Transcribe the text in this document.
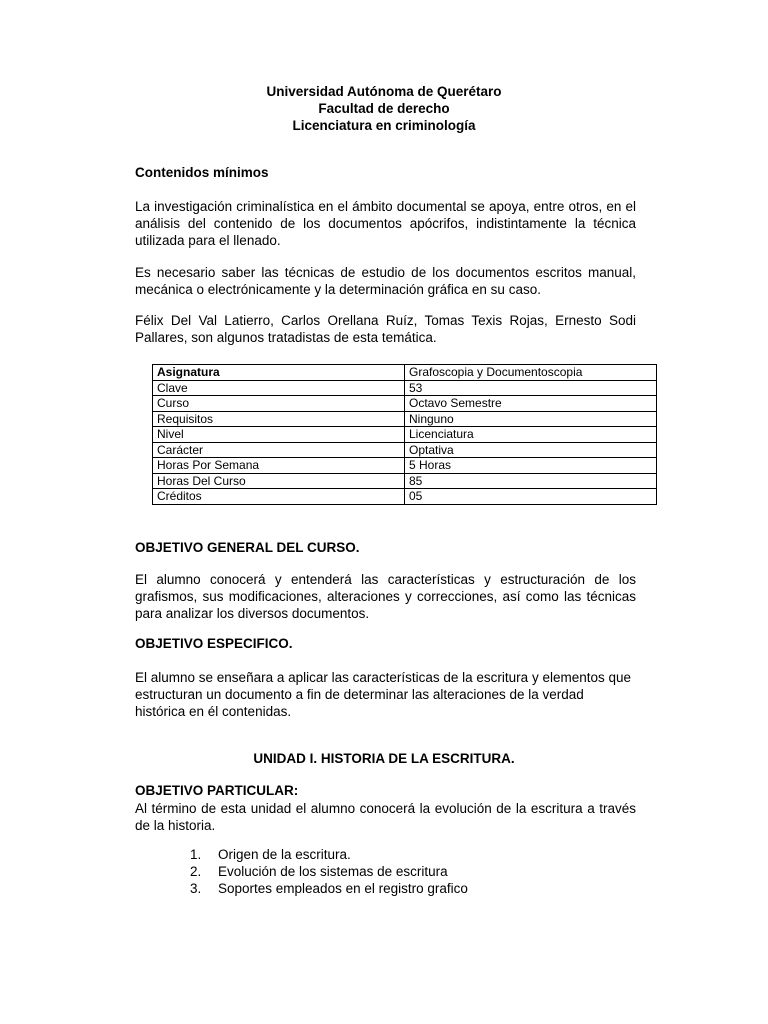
Universidad Autónoma de Querétaro
Facultad de derecho
Licenciatura en criminología
Contenidos mínimos
La investigación criminalística en el ámbito documental se apoya, entre otros, en el análisis del contenido de los documentos apócrifos, indistintamente la técnica utilizada para el llenado.
Es necesario saber las técnicas de estudio de los documentos escritos manual, mecánica o electrónicamente y la determinación gráfica en su caso.
Félix Del Val Latierro, Carlos Orellana Ruíz, Tomas Texis Rojas, Ernesto Sodi Pallares, son algunos tratadistas de esta temática.
Asignatura	Grafoscopia y Documentoscopia
Clave	53
Curso	Octavo Semestre
Requisitos	Ninguno
Nivel	Licenciatura
Carácter	Optativa
Horas Por Semana	5 Horas
Horas Del Curso	85
Créditos	05
OBJETIVO GENERAL DEL CURSO.
El alumno conocerá y entenderá las características y estructuración de los grafismos, sus modificaciones, alteraciones y correcciones, así como las técnicas para analizar los diversos documentos.
OBJETIVO ESPECIFICO.
El alumno se enseñara a aplicar las características de la escritura y elementos que estructuran un documento a fin de determinar las alteraciones de la verdad histórica en él contenidas.
UNIDAD I. HISTORIA DE LA ESCRITURA.
OBJETIVO PARTICULAR:
Al término de esta unidad el alumno conocerá la evolución de la escritura a través de la historia.
1. Origen de la escritura.
2. Evolución de los sistemas de escritura
3. Soportes empleados en el registro grafico
